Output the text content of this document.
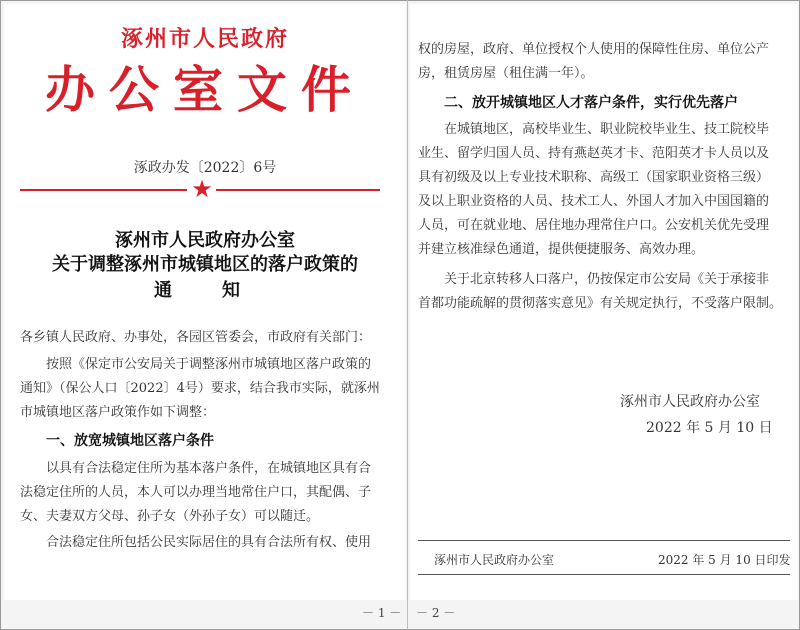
涿州市人民政府
办公室文件
涿政办发〔2022〕6号
★
涿州市人民政府办公室
关于调整涿州市城镇地区的落户政策的
通　知
各乡镇人民政府、办事处，各园区管委会，市政府有关部门：
按照《保定市公安局关于调整涿州市城镇地区落户政策的
通知》（保公人口〔2022〕4号）要求，结合我市实际，就涿州
市城镇地区落户政策作如下调整：
一、放宽城镇地区落户条件
以具有合法稳定住所为基本落户条件，在城镇地区具有合
法稳定住所的人员，本人可以办理当地常住户口，其配偶、子
女、夫妻双方父母、孙子女（外孙子女）可以随迁。
合法稳定住所包括公民实际居住的具有合法所有权、使用
权的房屋，政府、单位授权个人使用的保障性住房、单位公产
房，租赁房屋（租住满一年）。
二、放开城镇地区人才落户条件，实行优先落户
在城镇地区，高校毕业生、职业院校毕业生、技工院校毕
业生、留学归国人员、持有燕赵英才卡、范阳英才卡人员以及
具有初级及以上专业技术职称、高级工（国家职业资格三级）
及以上职业资格的人员、技术工人、外国人才加入中国国籍的
人员，可在就业地、居住地办理常住户口。公安机关优先受理
并建立核准绿色通道，提供便捷服务、高效办理。
关于北京转移人口落户，仍按保定市公安局《关于承接非
首都功能疏解的贯彻落实意见》有关规定执行，不受落户限制。
涿州市人民政府办公室
2022 年 5 月 10 日
涿州市人民政府办公室	2022 年 5 月 10 日印发
－ 1 － － 2 －
